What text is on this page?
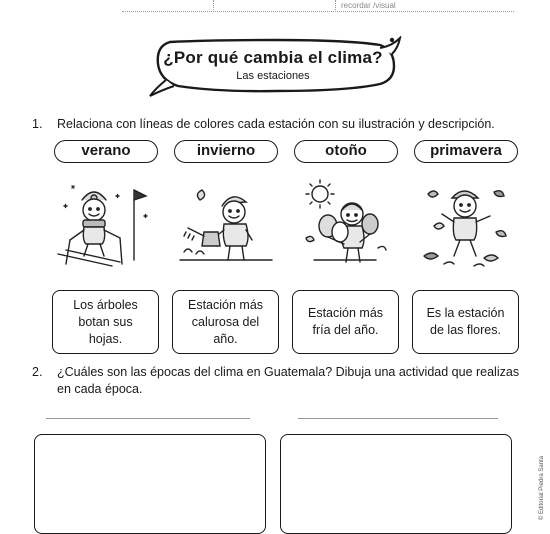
recordar /visual
¿Por qué cambia el clima?
Las estaciones
1. Relaciona con líneas de colores cada estación con su ilustración y descripción.
verano	invierno	otoño	primavera
Los árboles
botan sus
hojas.
Estación más
calurosa del
año.
Estación más
fría del año.
Es la estación
de las flores.
2. ¿Cuáles son las épocas del clima en Guatemala? Dibuja una actividad que realizas
en cada época.
© Editorial Piedra Santa
